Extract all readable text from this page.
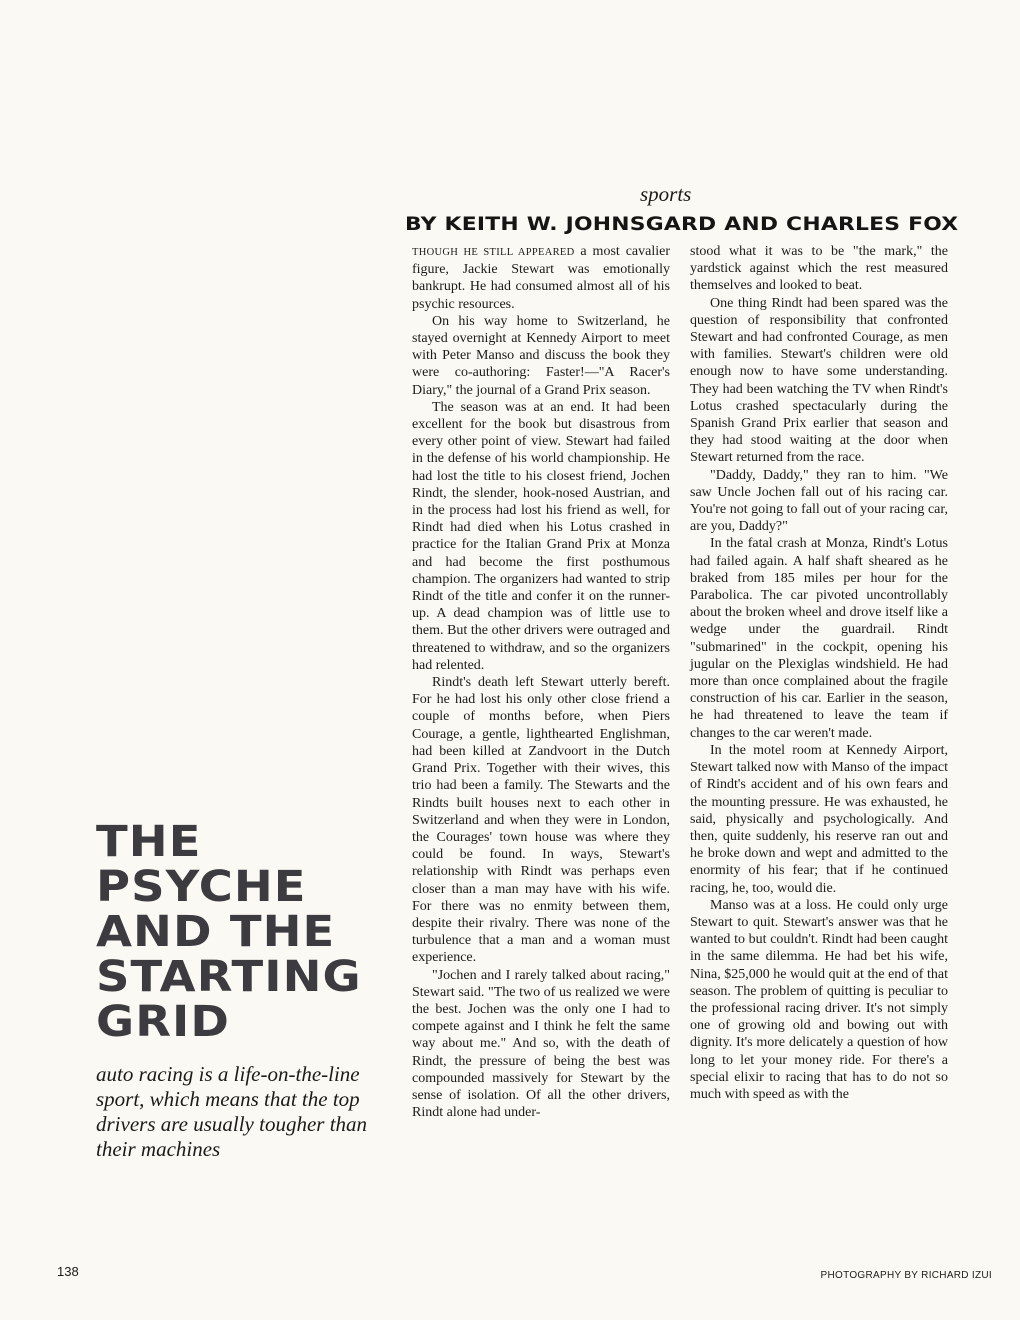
sports
BY KEITH W. JOHNSGARD AND CHARLES FOX

THOUGH HE STILL APPEARED a most cavalier figure, Jackie Stewart was emotionally bankrupt. He had consumed almost all of his psychic resources.

On his way home to Switzerland, he stayed overnight at Kennedy Airport to meet with Peter Manso and discuss the book they were co-authoring: Faster!—"A Racer's Diary," the journal of a Grand Prix season.

The season was at an end. It had been excellent for the book but disastrous from every other point of view. Stewart had failed in the defense of his world championship. He had lost the title to his closest friend, Jochen Rindt, the slender, hook-nosed Austrian, and in the process had lost his friend as well, for Rindt had died when his Lotus crashed in practice for the Italian Grand Prix at Monza and had become the first posthumous champion. The organizers had wanted to strip Rindt of the title and confer it on the runner-up. A dead champion was of little use to them. But the other drivers were outraged and threatened to withdraw, and so the organizers had relented.

Rindt's death left Stewart utterly bereft. For he had lost his only other close friend a couple of months before, when Piers Courage, a gentle, lighthearted Englishman, had been killed at Zandvoort in the Dutch Grand Prix. Together with their wives, this trio had been a family. The Stewarts and the Rindts built houses next to each other in Switzerland and when they were in London, the Courages' town house was where they could be found. In ways, Stewart's relationship with Rindt was perhaps even closer than a man may have with his wife. For there was no enmity between them, despite their rivalry. There was none of the turbulence that a man and a woman must experience.

"Jochen and I rarely talked about racing," Stewart said. "The two of us realized we were the best. Jochen was the only one I had to compete against and I think he felt the same way about me." And so, with the death of Rindt, the pressure of being the best was compounded massively for Stewart by the sense of isolation. Of all the other drivers, Rindt alone had under-

stood what it was to be "the mark," the yardstick against which the rest measured themselves and looked to beat.

One thing Rindt had been spared was the question of responsibility that confronted Stewart and had confronted Courage, as men with families. Stewart's children were old enough now to have some understanding. They had been watching the TV when Rindt's Lotus crashed spectacularly during the Spanish Grand Prix earlier that season and they had stood waiting at the door when Stewart returned from the race.

"Daddy, Daddy," they ran to him. "We saw Uncle Jochen fall out of his racing car. You're not going to fall out of your racing car, are you, Daddy?"

In the fatal crash at Monza, Rindt's Lotus had failed again. A half shaft sheared as he braked from 185 miles per hour for the Parabolica. The car pivoted uncontrollably about the broken wheel and drove itself like a wedge under the guardrail. Rindt "submarined" in the cockpit, opening his jugular on the Plexiglas windshield. He had more than once complained about the fragile construction of his car. Earlier in the season, he had threatened to leave the team if changes to the car weren't made.

In the motel room at Kennedy Airport, Stewart talked now with Manso of the impact of Rindt's accident and of his own fears and the mounting pressure. He was exhausted, he said, physically and psychologically. And then, quite suddenly, his reserve ran out and he broke down and wept and admitted to the enormity of his fear; that if he continued racing, he, too, would die.

Manso was at a loss. He could only urge Stewart to quit. Stewart's answer was that he wanted to but couldn't. Rindt had been caught in the same dilemma. He had bet his wife, Nina, $25,000 he would quit at the end of that season. The problem of quitting is peculiar to the professional racing driver. It's not simply one of growing old and bowing out with dignity. It's more delicately a question of how long to let your money ride. For there's a special elixir to racing that has to do not so much with speed as with the

THE
PSYCHE
AND THE
STARTING
GRID
auto racing is a life-on-the-line sport, which means that the top drivers are usually tougher than their machines
138	PHOTOGRAPHY BY RICHARD IZUI
